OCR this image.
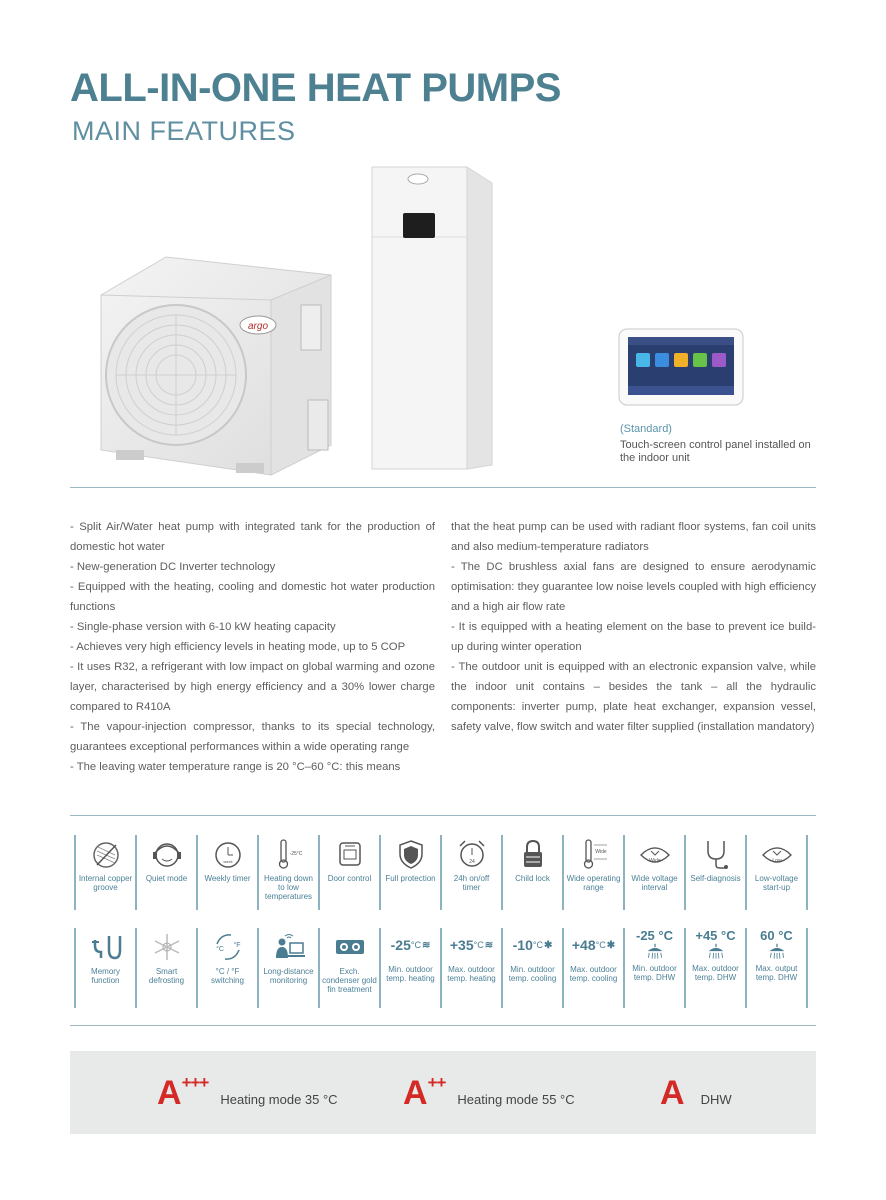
ALL-IN-ONE HEAT PUMPS
MAIN FEATURES
argo
(Standard)
Touch-screen control panel installed on the indoor unit

- Split Air/Water heat pump with integrated tank for the production of domestic hot water

- New-generation DC Inverter technology

- Equipped with the heating, cooling and domestic hot water production functions

- Single-phase version with 6-10 kW heating capacity

- Achieves very high efficiency levels in heating mode, up to 5 COP

- It uses R32, a refrigerant with low impact on global warming and ozone layer, characterised by high energy efficiency and a 30% lower charge compared to R410A

- The vapour-injection compressor, thanks to its special technology, guarantees exceptional performances within a wide operating range

- The leaving water temperature range is 20 °C–60 °C: this means

that the heat pump can be used with radiant floor systems, fan coil units and also medium-temperature radiators

- The DC brushless axial fans are designed to ensure aerodynamic optimisation: they guarantee low noise levels coupled with high efficiency and a high air flow rate

- It is equipped with a heating element on the base to prevent ice build-up during winter operation

- The outdoor unit is equipped with an electronic expansion valve, while the indoor unit contains – besides the tank – all the hydraulic components: inverter pump, plate heat exchanger, expansion vessel, safety valve, flow switch and water filter supplied (installation mandatory)

Internal copper groove
Quiet mode
week
Weekly timer
-25°C
Heating down to low temperatures
Door control Full protection
24
24h on/off timer
Child lock
Wide
Wide operating range
Wide
Wide voltage interval
Self-diagnosis
Low
Low-voltage start-up
Memory function
Smart defrosting
°C
°F
°C / °F switching
Long-distance monitoring
Exch. condenser gold fin treatment
-25 °C ≋
Min. outdoor temp. heating
+35 °C ≋
Max. outdoor temp. heating
-10 °C ✱
Min. outdoor temp. cooling
+48 °C ✱
Max. outdoor temp. cooling
-25 °C
Min. outdoor temp. DHW
+45 °C
Max. outdoor temp. DHW
60 °C
Max. output temp. DHW
A+++
Heating mode 35 °C A++
Heating mode 55 °C	A DHW
